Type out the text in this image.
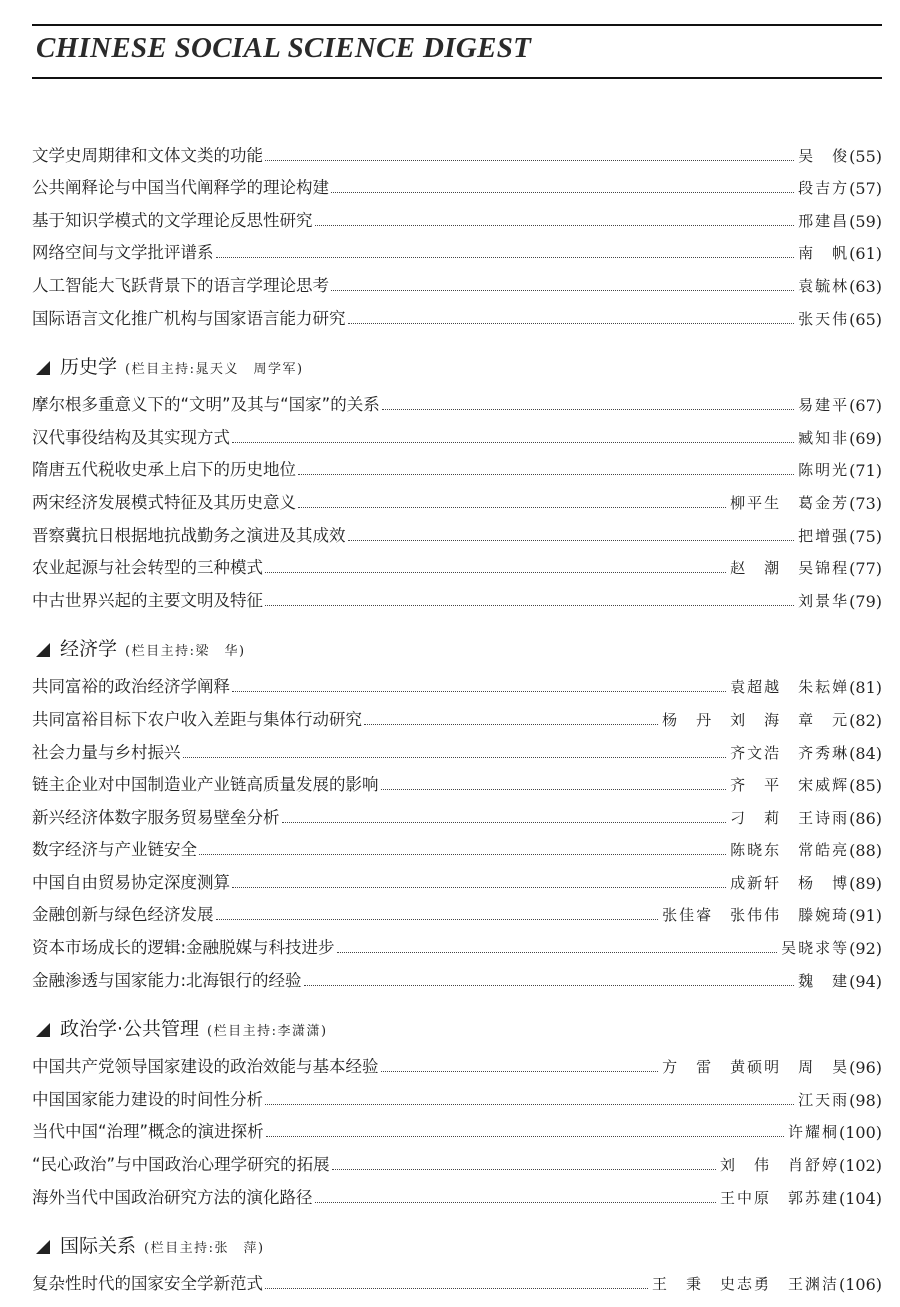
CHINESE SOCIAL SCIENCE DIGEST
文学史周期律和文体文类的功能	吴　俊 (55)
公共阐释论与中国当代阐释学的理论构建	段吉方 (57)
基于知识学模式的文学理论反思性研究	邢建昌 (59)
网络空间与文学批评谱系	南　帆 (61)
人工智能大飞跃背景下的语言学理论思考	袁毓林 (63)
国际语言文化推广机构与国家语言能力研究	张天伟 (65)
历史学 (栏目主持:晁天义　周学军)
摩尔根多重意义下的“文明”及其与“国家”的关系	易建平 (67)
汉代事役结构及其实现方式	臧知非 (69)
隋唐五代税收史承上启下的历史地位	陈明光 (71)
两宋经济发展模式特征及其历史意义	柳平生　葛金芳 (73)
晋察冀抗日根据地抗战勤务之演进及其成效	把增强 (75)
农业起源与社会转型的三种模式	赵　潮　吴锦程 (77)
中古世界兴起的主要文明及特征	刘景华 (79)
经济学 (栏目主持:梁　华)
共同富裕的政治经济学阐释	袁超越　朱耘婵 (81)
共同富裕目标下农户收入差距与集体行动研究	杨　丹　刘　海　章　元 (82)
社会力量与乡村振兴	齐文浩　齐秀琳 (84)
链主企业对中国制造业产业链高质量发展的影响	齐　平　宋威辉 (85)
新兴经济体数字服务贸易壁垒分析	刁　莉　王诗雨 (86)
数字经济与产业链安全	陈晓东　常皓亮 (88)
中国自由贸易协定深度测算	成新轩　杨　博 (89)
金融创新与绿色经济发展	张佳睿　张伟伟　滕婉琦 (91)
资本市场成长的逻辑:金融脱媒与科技进步	吴晓求等 (92)
金融渗透与国家能力:北海银行的经验	魏　建 (94)
政治学·公共管理 (栏目主持:李潇潇)
中国共产党领导国家建设的政治效能与基本经验	方　雷　黄硕明　周　昊 (96)
中国国家能力建设的时间性分析	江天雨 (98)
当代中国“治理”概念的演进探析	许耀桐 (100)
“民心政治”与中国政治心理学研究的拓展	刘　伟　肖舒婷 (102)
海外当代中国政治研究方法的演化路径	王中原　郭苏建 (104)
国际关系 (栏目主持:张　萍)
复杂性时代的国家安全学新范式	王　秉　史志勇　王渊洁 (106)
